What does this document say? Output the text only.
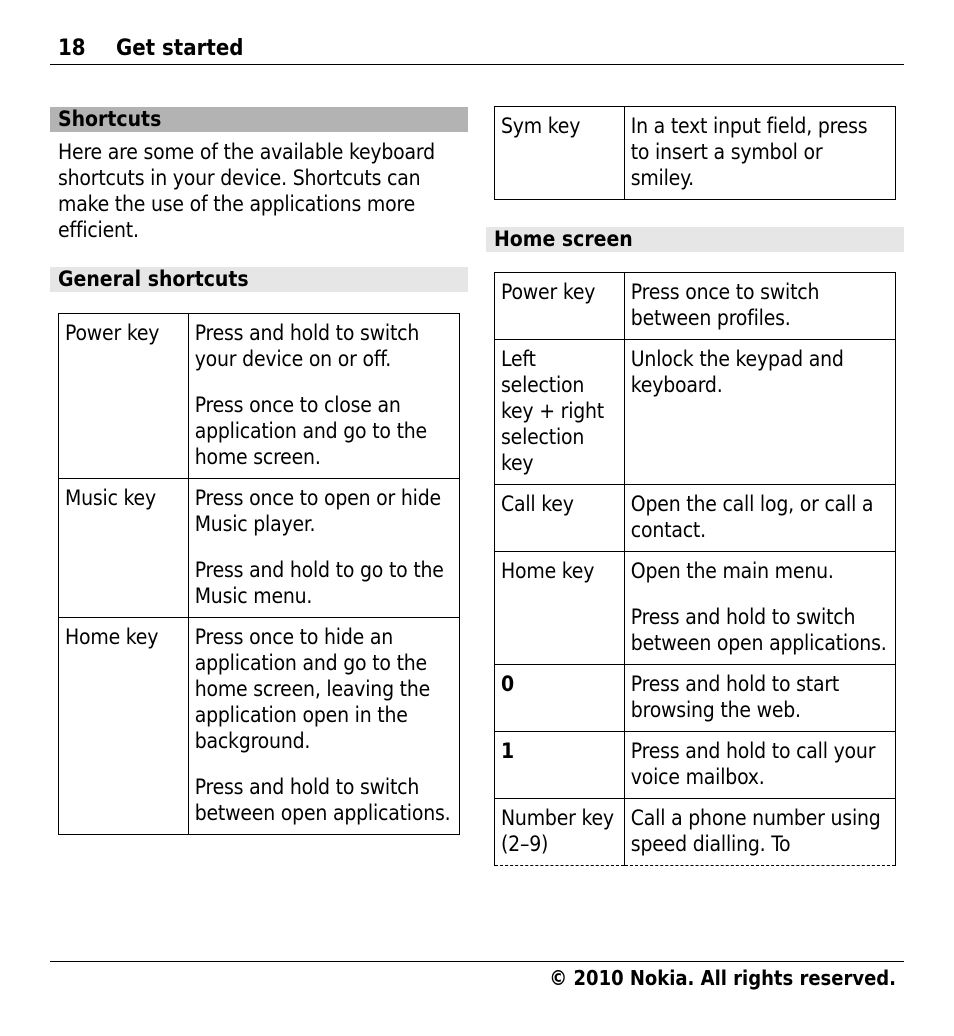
18 Get started
Shortcuts
Here are some of the available keyboard shortcuts in your device. Shortcuts can make the use of the applications more efficient.
General shortcuts
Power key	Press and hold to switch your device on or off.

Press once to close an application and go to the home screen.

Music key	Press once to open or hide Music player.

Press and hold to go to the Music menu.

Home key	Press once to hide an application and go to the home screen, leaving the application open in the background.

Press and hold to switch between open applications.

Sym key	In a text input field, press to insert a symbol or smiley.
Home screen
Power key	Press once to switch between profiles.

Left selection key + right selection key	Unlock the keypad and keyboard.

Call key	Open the call log, or call a contact.

Home key	Open the main menu.

Press and hold to switch between open applications.

0	Press and hold to start browsing the web.

1	Press and hold to call your voice mailbox.

Number key (2–9)	Call a phone number using speed dialling. To

© 2010 Nokia. All rights reserved.
